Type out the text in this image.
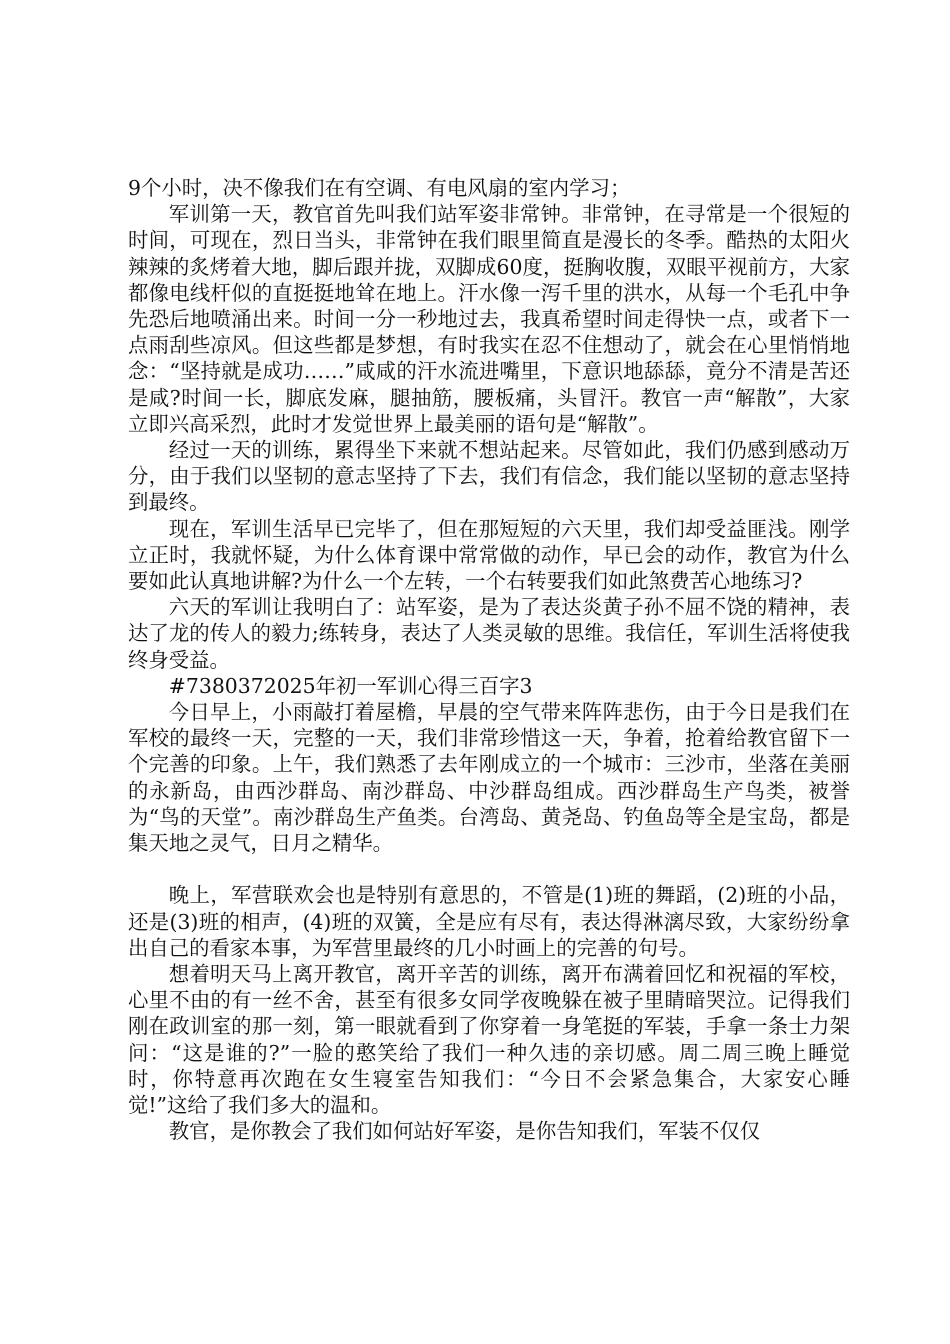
9个小时，决不像我们在有空调、有电风扇的室内学习；

军训第一天，教官首先叫我们站军姿非常钟。非常钟，在寻常是一个很短的时间，可现在，烈日当头，非常钟在我们眼里简直是漫长的冬季。酷热的太阳火辣辣的炙烤着大地，脚后跟并拢，双脚成60度，挺胸收腹，双眼平视前方，大家都像电线杆似的直挺挺地耸在地上。汗水像一泻千里的洪水，从每一个毛孔中争先恐后地喷涌出来。时间一分一秒地过去，我真希望时间走得快一点，或者下一点雨刮些凉风。但这些都是梦想，有时我实在忍不住想动了，就会在心里悄悄地念：“坚持就是成功……”咸咸的汗水流进嘴里，下意识地舔舔，竟分不清是苦还是咸?时间一长，脚底发麻，腿抽筋，腰板痛，头冒汗。教官一声“解散”，大家立即兴高采烈，此时才发觉世界上最美丽的语句是“解散”。

经过一天的训练，累得坐下来就不想站起来。尽管如此，我们仍感到感动万分，由于我们以坚韧的意志坚持了下去，我们有信念，我们能以坚韧的意志坚持到最终。

现在，军训生活早已完毕了，但在那短短的六天里，我们却受益匪浅。刚学立正时，我就怀疑，为什么体育课中常常做的动作，早已会的动作，教官为什么要如此认真地讲解?为什么一个左转，一个右转要我们如此煞费苦心地练习?

六天的军训让我明白了：站军姿，是为了表达炎黄子孙不屈不饶的精神，表达了龙的传人的毅力;练转身，表达了人类灵敏的思维。我信任，军训生活将使我终身受益。

#7380372025年初一军训心得三百字3

今日早上，小雨敲打着屋檐，早晨的空气带来阵阵悲伤，由于今日是我们在军校的最终一天，完整的一天，我们非常珍惜这一天，争着，抢着给教官留下一个完善的印象。上午，我们熟悉了去年刚成立的一个城市：三沙市，坐落在美丽的永新岛，由西沙群岛、南沙群岛、中沙群岛组成。西沙群岛生产鸟类，被誉为“鸟的天堂”。南沙群岛生产鱼类。台湾岛、黄尧岛、钓鱼岛等全是宝岛，都是集天地之灵气，日月之精华。

晚上，军营联欢会也是特别有意思的，不管是(1)班的舞蹈，(2)班的小品，还是(3)班的相声，(4)班的双簧，全是应有尽有，表达得淋漓尽致，大家纷纷拿出自己的看家本事，为军营里最终的几小时画上的完善的句号。

想着明天马上离开教官，离开辛苦的训练，离开布满着回忆和祝福的军校，心里不由的有一丝不舍，甚至有很多女同学夜晚躲在被子里睛暗哭泣。记得我们刚在政训室的那一刻，第一眼就看到了你穿着一身笔挺的军装，手拿一条士力架问：“这是谁的?”一脸的憨笑给了我们一种久违的亲切感。周二周三晚上睡觉时，你特意再次跑在女生寝室告知我们：“今日不会紧急集合，大家安心睡觉!”这给了我们多大的温和。

教官，是你教会了我们如何站好军姿，是你告知我们，军装不仅仅
